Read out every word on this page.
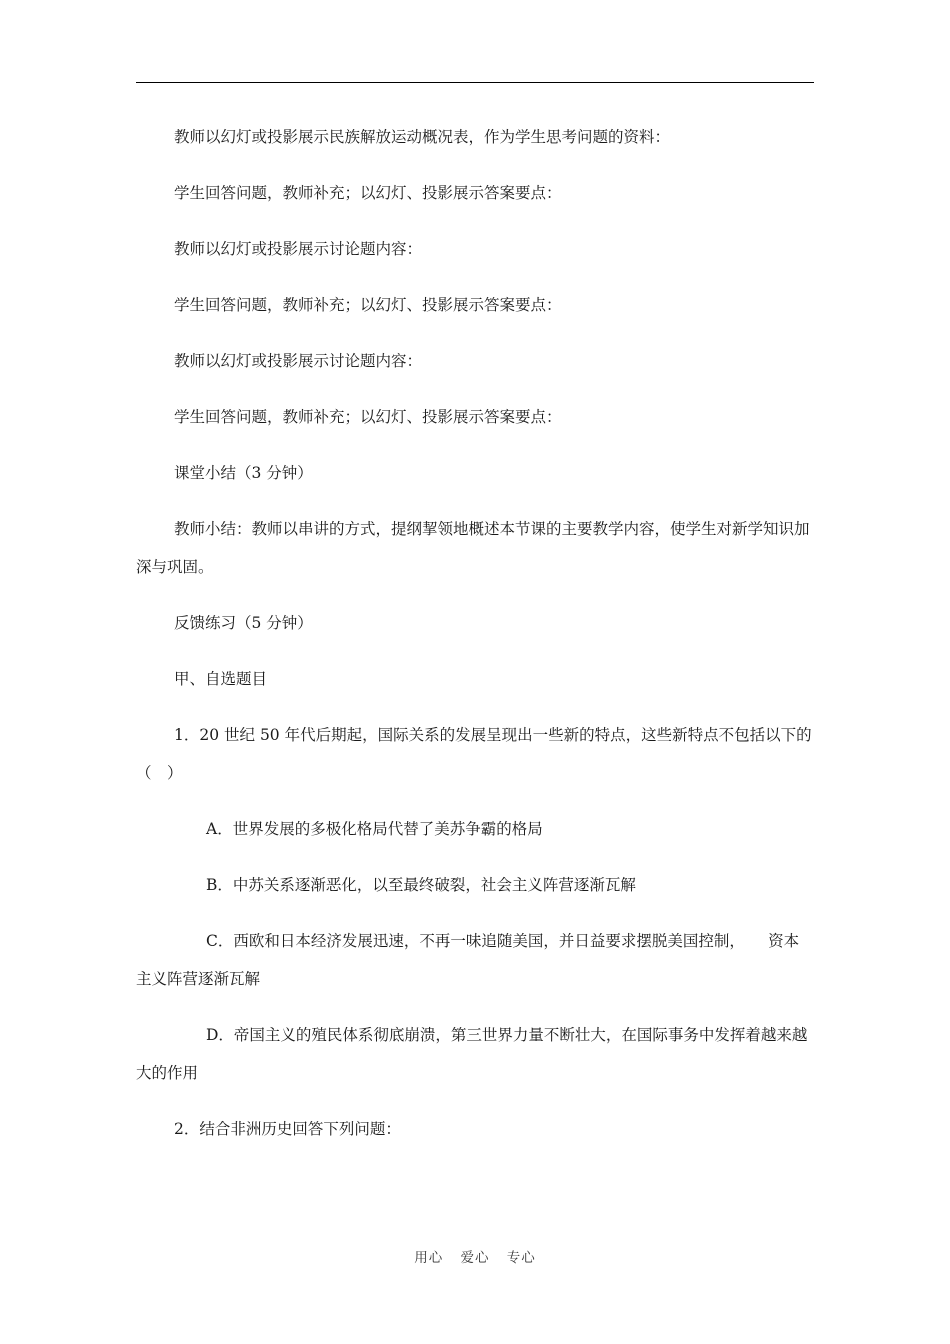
教师以幻灯或投影展示民族解放运动概况表，作为学生思考问题的资料：

学生回答问题，教师补充；以幻灯、投影展示答案要点：

教师以幻灯或投影展示讨论题内容：

学生回答问题，教师补充；以幻灯、投影展示答案要点：

教师以幻灯或投影展示讨论题内容：

学生回答问题，教师补充；以幻灯、投影展示答案要点：

课堂小结（3 分钟）

教师小结：教师以串讲的方式，提纲挈领地概述本节课的主要教学内容，使学生对新学知识加深与巩固。

反馈练习（5 分钟）

甲、自选题目

1．20 世纪 50 年代后期起，国际关系的发展呈现出一些新的特点，这些新特点不包括以下的（　）

A．世界发展的多极化格局代替了美苏争霸的格局

B．中苏关系逐渐恶化，以至最终破裂，社会主义阵营逐渐瓦解

C．西欧和日本经济发展迅速，不再一味追随美国，并日益要求摆脱美国控制，　　资本主义阵营逐渐瓦解

D．帝国主义的殖民体系彻底崩溃，第三世界力量不断壮大，在国际事务中发挥着越来越大的作用

2．结合非洲历史回答下列问题：

用心 爱心 专心
